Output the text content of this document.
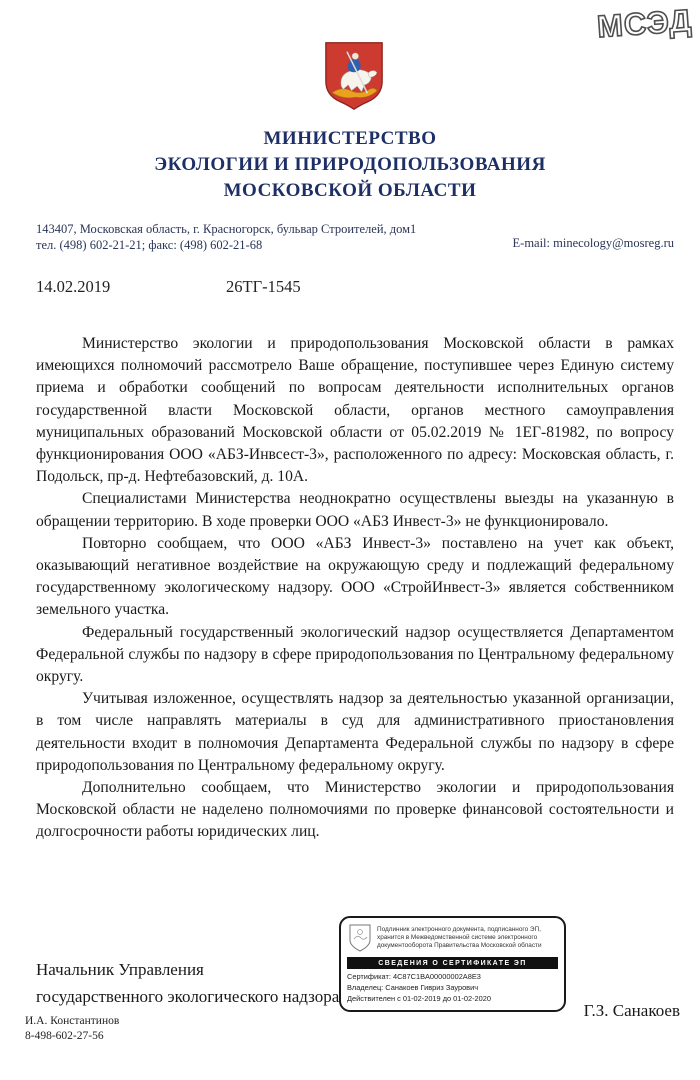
МСЭД
МИНИСТЕРСТВО
ЭКОЛОГИИ И ПРИРОДОПОЛЬЗОВАНИЯ
МОСКОВСКОЙ ОБЛАСТИ
143407, Московская область, г. Красногорск, бульвар Строителей, дом1
тел. (498) 602-21-21; факс: (498) 602-21-68	E-mail: minecology@mosreg.ru
14.02.2019	26ТГ-1545

Министерство экологии и природопользования Московской области в рамках имеющихся полномочий рассмотрело Ваше обращение, поступившее через Единую систему приема и обработки сообщений по вопросам деятельности исполнительных органов государственной власти Московской области, органов местного самоуправления муниципальных образований Московской области от 05.02.2019 № 1ЕГ-81982, по вопросу функционирования ООО «АБЗ-Инвсест-3», расположенного по адресу: Московская область, г. Подольск, пр-д. Нефтебазовский, д. 10А.

Специалистами Министерства неоднократно осуществлены выезды на указанную в обращении территорию. В ходе проверки ООО «АБЗ Инвест-3» не функционировало.

Повторно сообщаем, что ООО «АБЗ Инвест-3» поставлено на учет как объект, оказывающий негативное воздействие на окружающую среду и подлежащий федеральному государственному экологическому надзору. ООО «СтройИнвест-3» является собственником земельного участка.

Федеральный государственный экологический надзор осуществляется Департаментом Федеральной службы по надзору в сфере природопользования по Центральному федеральному округу.

Учитывая изложенное, осуществлять надзор за деятельностью указанной организации, в том числе направлять материалы в суд для административного приостановления деятельности входит в полномочия Департамента Федеральной службы по надзору в сфере природопользования по Центральному федеральному округу.

Дополнительно сообщаем, что Министерство экологии и природопользования Московской области не наделено полномочиями по проверке финансовой состоятельности и долгосрочности работы юридических лиц.

Начальник Управления
государственного экологического надзора
Г.З. Санакоев
Подлинник электронного документа, подписанного ЭП, хранится в Межведомственной системе электронного документооборота Правительства Московской области
СВЕДЕНИЯ О СЕРТИФИКАТЕ ЭП
Сертификат: 4C87C1BA00000002A8E3
Владелец: Санакоев Гивриз Заурович
Действителен с 01-02-2019 до 01-02-2020
И.А. Константинов
8-498-602-27-56
